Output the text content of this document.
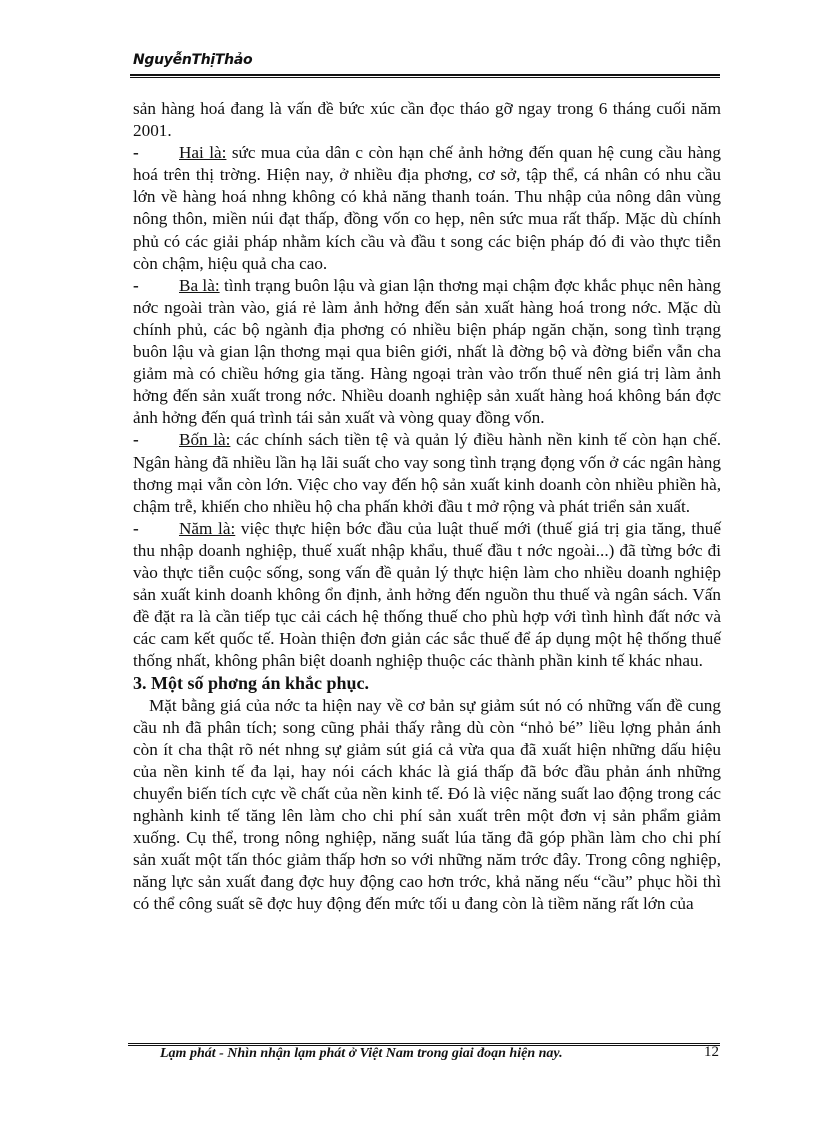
NguyễnThịThảo

sản hàng hoá đang là vấn đề bức xúc cần đọc tháo gỡ ngay trong 6 tháng cuối năm 2001.

- Hai là: sức mua của dân c còn hạn chế ảnh hởng đến quan hệ cung cầu hàng hoá trên thị trờng. Hiện nay, ở nhiều địa phơng, cơ sở, tập thể, cá nhân có nhu cầu lớn về hàng hoá nhng không có khả năng thanh toán. Thu nhập của nông dân vùng nông thôn, miền núi đạt thấp, đồng vốn co hẹp, nên sức mua rất thấp. Mặc dù chính phủ có các giải pháp nhằm kích cầu và đầu t song các biện pháp đó đi vào thực tiễn còn chậm, hiệu quả cha cao.

- Ba là: tình trạng buôn lậu và gian lận thơng mại chậm đợc khắc phục nên hàng nớc ngoài tràn vào, giá rẻ làm ảnh hởng đến sản xuất hàng hoá trong nớc. Mặc dù chính phủ, các bộ ngành địa phơng có nhiều biện pháp ngăn chặn, song tình trạng buôn lậu và gian lận thơng mại qua biên giới, nhất là đờng bộ và đờng biển vẫn cha giảm mà có chiều hớng gia tăng. Hàng ngoại tràn vào trốn thuế nên giá trị làm ảnh hởng đến sản xuất trong nớc. Nhiều doanh nghiệp sản xuất hàng hoá không bán đợc ảnh hởng đến quá trình tái sản xuất và vòng quay đồng vốn.

- Bốn là: các chính sách tiền tệ và quản lý điều hành nền kinh tế còn hạn chế. Ngân hàng đã nhiều lần hạ lãi suất cho vay song tình trạng đọng vốn ở các ngân hàng thơng mại vẫn còn lớn. Việc cho vay đến hộ sản xuất kinh doanh còn nhiều phiền hà, chậm trễ, khiến cho nhiều hộ cha phấn khởi đầu t mở rộng và phát triển sản xuất.

- Năm là: việc thực hiện bớc đầu của luật thuế mới (thuế giá trị gia tăng, thuế thu nhập doanh nghiệp, thuế xuất nhập khẩu, thuế đầu t nớc ngoài...) đã từng bớc đi vào thực tiễn cuộc sống, song vấn đề quản lý thực hiện làm cho nhiều doanh nghiệp sản xuất kinh doanh không ổn định, ảnh hởng đến nguồn thu thuế và ngân sách. Vấn đề đặt ra là cần tiếp tục cải cách hệ thống thuế cho phù hợp với tình hình đất nớc và các cam kết quốc tế. Hoàn thiện đơn giản các sắc thuế để áp dụng một hệ thống thuế thống nhất, không phân biệt doanh nghiệp thuộc các thành phần kinh tế khác nhau.

3. Một số phơng án khắc phục.

Mặt bằng giá của nớc ta hiện nay về cơ bản sự giảm sút nó có những vấn đề cung cầu nh đã phân tích; song cũng phải thấy rằng dù còn “nhỏ bé” liều lợng phản ánh còn ít cha thật rõ nét nhng sự giảm sút giá cả vừa qua đã xuất hiện những dấu hiệu của nền kinh tế đa lại, hay nói cách khác là giá thấp đã bớc đầu phản ánh những chuyển biến tích cực về chất của nền kinh tế. Đó là việc năng suất lao động trong các nghành kinh tế tăng lên làm cho chi phí sản xuất trên một đơn vị sản phẩm giảm xuống. Cụ thể, trong nông nghiệp, năng suất lúa tăng đã góp phần làm cho chi phí sản xuất một tấn thóc giảm thấp hơn so với những năm trớc đây. Trong công nghiệp, năng lực sản xuất đang đợc huy động cao hơn trớc, khả năng nếu “cầu” phục hồi thì có thể công suất sẽ đợc huy động đến mức tối u đang còn là tiềm năng rất lớn của

Lạm phát - Nhìn nhận lạm phát ở Việt Nam trong giai đoạn hiện nay.	12
